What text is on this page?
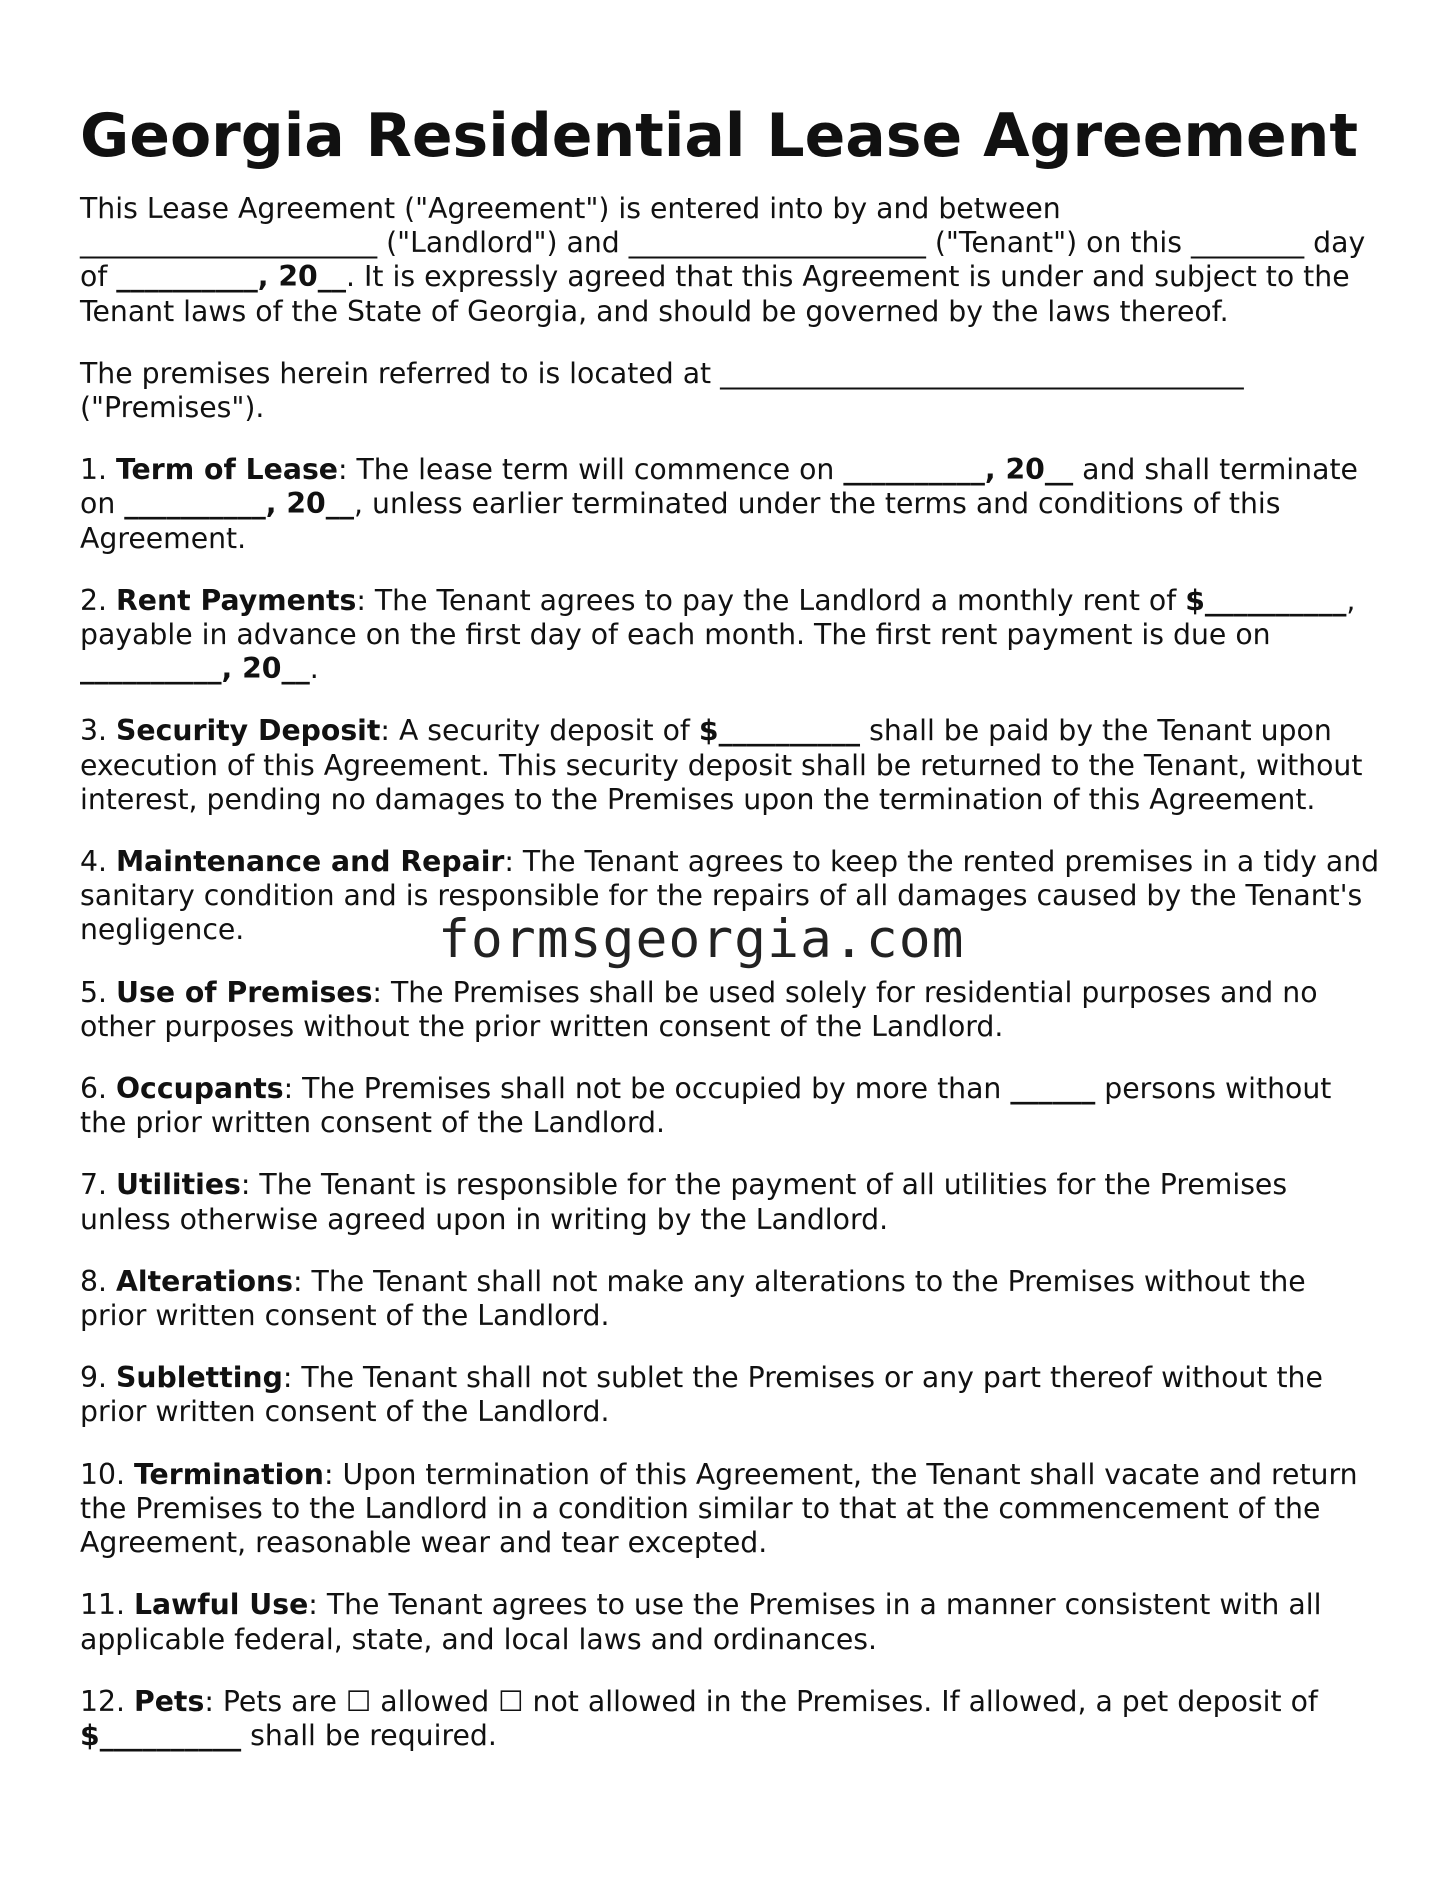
Georgia Residential Lease Agreement

This Lease Agreement ("Agreement") is entered into by and between
_____________________ ("Landlord") and _____________________ ("Tenant") on this ________ day of __________, 20__. It is expressly agreed that this Agreement is under and subject to the Tenant laws of the State of Georgia, and should be governed by the laws thereof.

The premises herein referred to is located at _____________________________________ ("Premises").

1. Term of Lease: The lease term will commence on __________, 20__ and shall terminate on __________, 20__, unless earlier terminated under the terms and conditions of this Agreement.

2. Rent Payments: The Tenant agrees to pay the Landlord a monthly rent of $__________, payable in advance on the first day of each month. The first rent payment is due on __________, 20__.

3. Security Deposit: A security deposit of $__________ shall be paid by the Tenant upon execution of this Agreement. This security deposit shall be returned to the Tenant, without interest, pending no damages to the Premises upon the termination of this Agreement.

4. Maintenance and Repair: The Tenant agrees to keep the rented premises in a tidy and sanitary condition and is responsible for the repairs of all damages caused by the Tenant's negligence.

5. Use of Premises: The Premises shall be used solely for residential purposes and no other purposes without the prior written consent of the Landlord.

6. Occupants: The Premises shall not be occupied by more than ______ persons without the prior written consent of the Landlord.

7. Utilities: The Tenant is responsible for the payment of all utilities for the Premises unless otherwise agreed upon in writing by the Landlord.

8. Alterations: The Tenant shall not make any alterations to the Premises without the prior written consent of the Landlord.

9. Subletting: The Tenant shall not sublet the Premises or any part thereof without the prior written consent of the Landlord.

10. Termination: Upon termination of this Agreement, the Tenant shall vacate and return the Premises to the Landlord in a condition similar to that at the commencement of the Agreement, reasonable wear and tear excepted.

11. Lawful Use: The Tenant agrees to use the Premises in a manner consistent with all applicable federal, state, and local laws and ordinances.

12. Pets: Pets are ☐ allowed ☐ not allowed in the Premises. If allowed, a pet deposit of $__________ shall be required.

formsgeorgia.com
